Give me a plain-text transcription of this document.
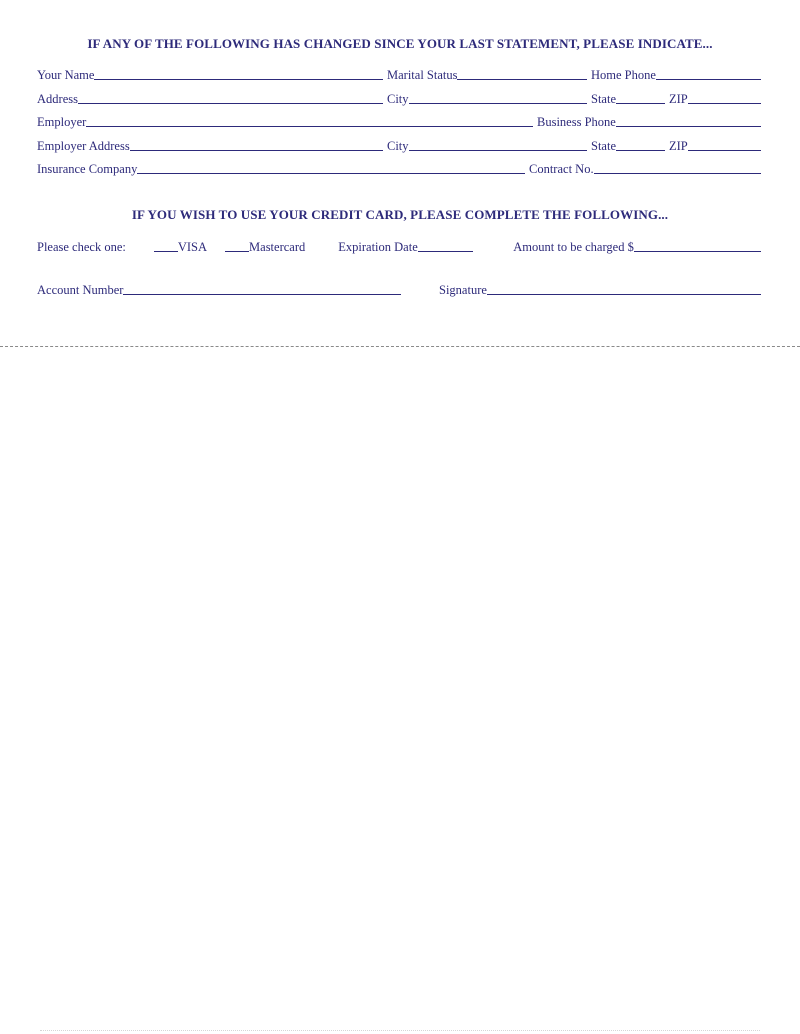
IF ANY OF THE FOLLOWING HAS CHANGED SINCE YOUR LAST STATEMENT, PLEASE INDICATE...
Your Name	Marital Status	Home Phone
Address	City	State	ZIP
Employer	Business Phone
Employer Address	City	State	ZIP
Insurance Company	Contract No.
IF YOU WISH TO USE YOUR CREDIT CARD, PLEASE COMPLETE THE FOLLOWING...
Please check one:	VISA	Mastercard	Expiration Date	Amount to be charged $
Account Number	Signature
